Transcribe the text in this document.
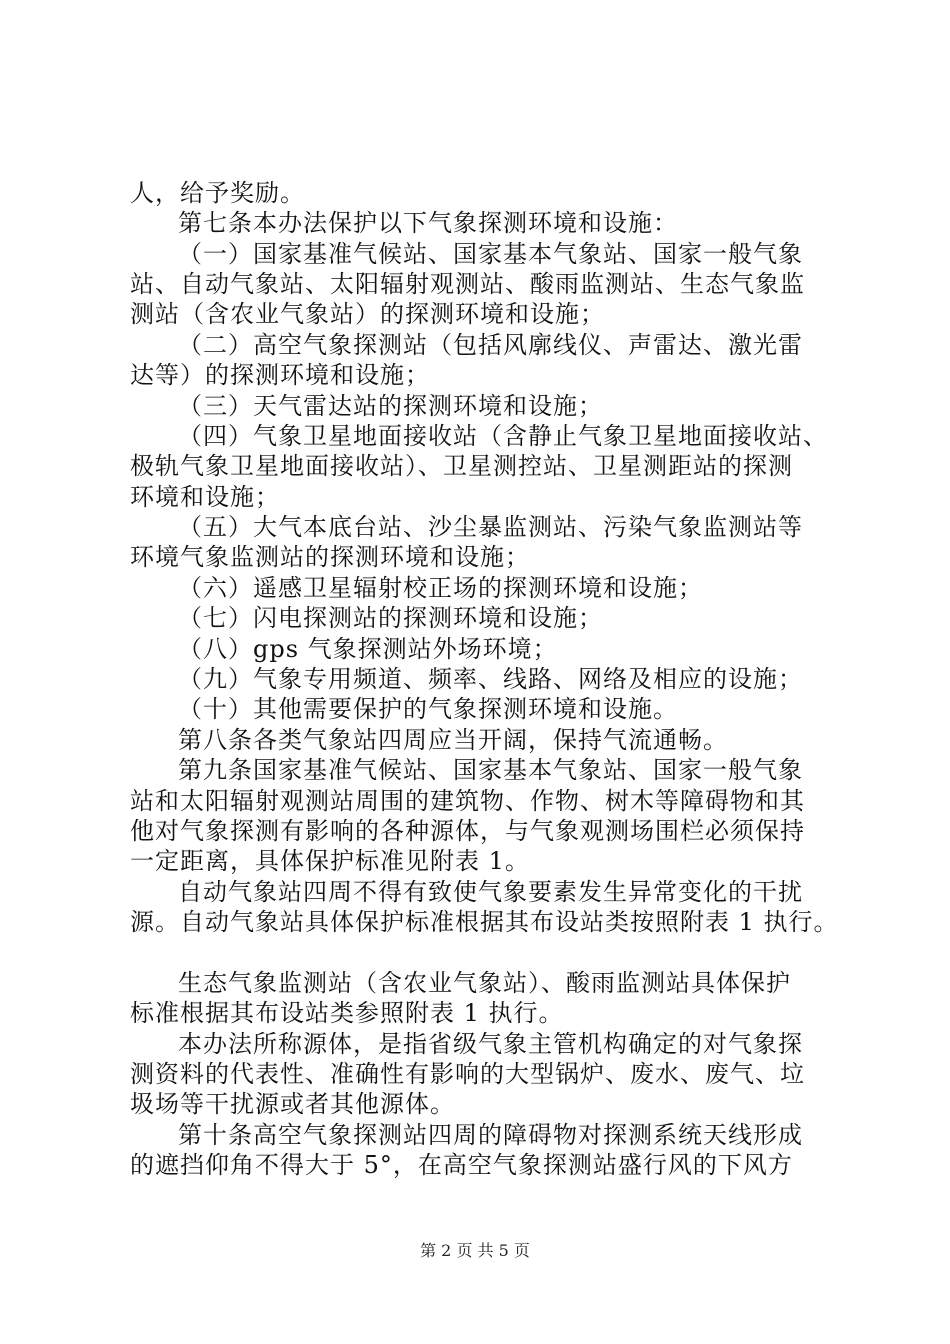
人，给予奖励。
第七条本办法保护以下气象探测环境和设施：
（一）国家基准气候站、国家基本气象站、国家一般气象
站、自动气象站、太阳辐射观测站、酸雨监测站、生态气象监
测站（含农业气象站）的探测环境和设施；
（二）高空气象探测站（包括风廓线仪、声雷达、激光雷
达等）的探测环境和设施；
（三）天气雷达站的探测环境和设施；
（四）气象卫星地面接收站（含静止气象卫星地面接收站、
极轨气象卫星地面接收站）、卫星测控站、卫星测距站的探测
环境和设施；
（五）大气本底台站、沙尘暴监测站、污染气象监测站等
环境气象监测站的探测环境和设施；
（六）遥感卫星辐射校正场的探测环境和设施；
（七）闪电探测站的探测环境和设施；
（八）gps 气象探测站外场环境；
（九）气象专用频道、频率、线路、网络及相应的设施；
（十）其他需要保护的气象探测环境和设施。
第八条各类气象站四周应当开阔，保持气流通畅。
第九条国家基准气候站、国家基本气象站、国家一般气象
站和太阳辐射观测站周围的建筑物、作物、树木等障碍物和其
他对气象探测有影响的各种源体，与气象观测场围栏必须保持
一定距离，具体保护标准见附表 1。
自动气象站四周不得有致使气象要素发生异常变化的干扰
源。自动气象站具体保护标准根据其布设站类按照附表 1 执行。
生态气象监测站（含农业气象站）、酸雨监测站具体保护
标准根据其布设站类参照附表 1 执行。
本办法所称源体，是指省级气象主管机构确定的对气象探
测资料的代表性、准确性有影响的大型锅炉、废水、废气、垃
圾场等干扰源或者其他源体。
第十条高空气象探测站四周的障碍物对探测系统天线形成
的遮挡仰角不得大于 5°，在高空气象探测站盛行风的下风方
第 2 页 共 5 页
